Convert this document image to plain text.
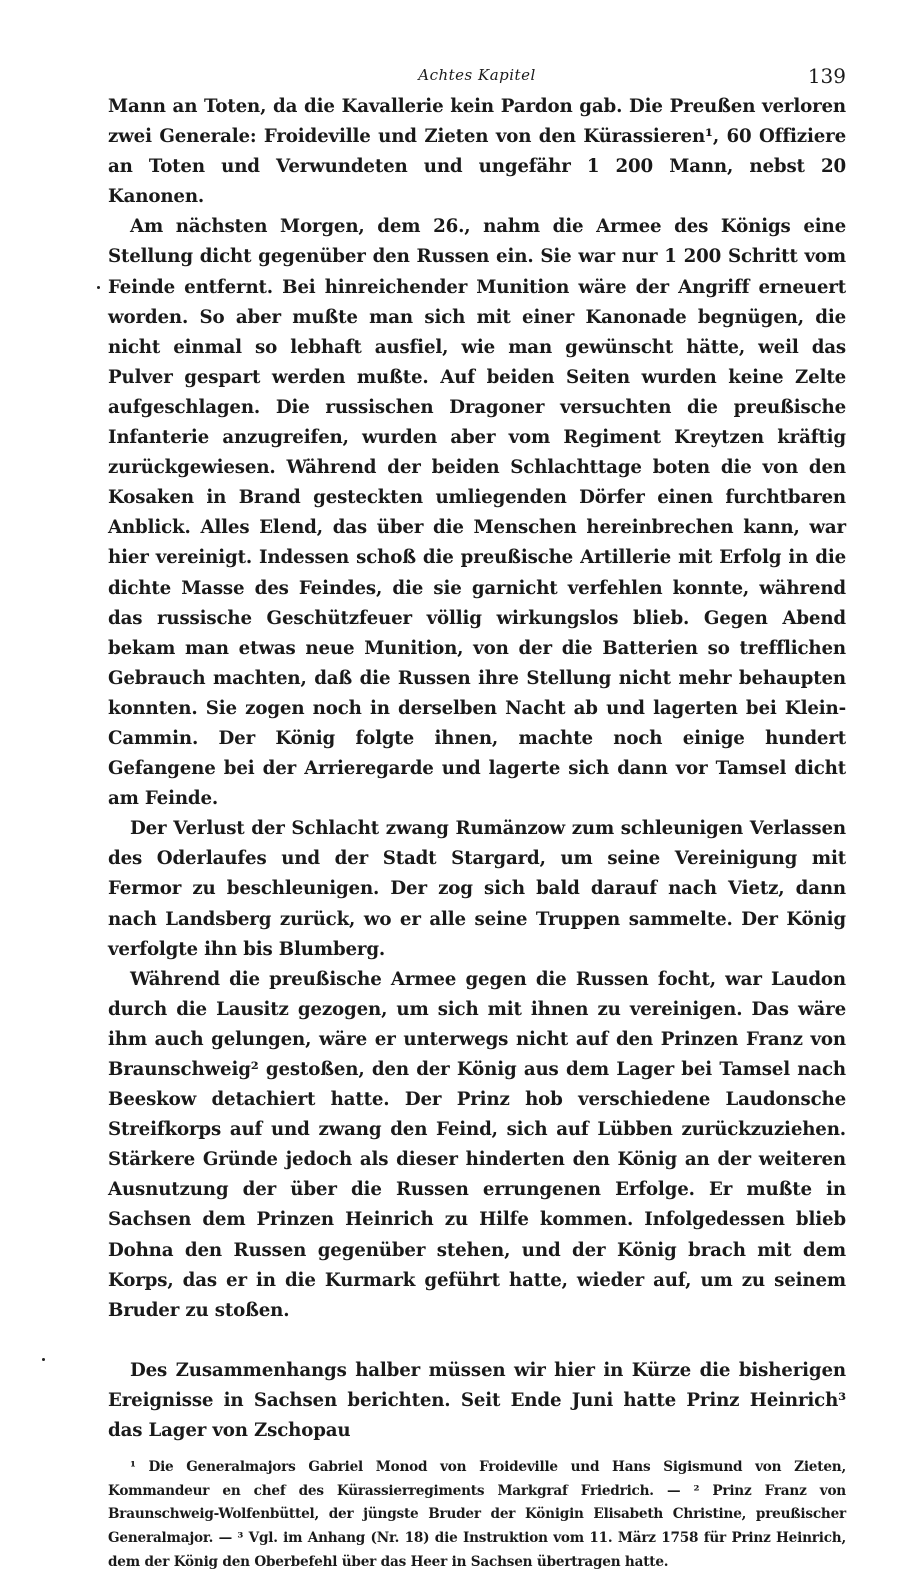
Achtes Kapitel	139

Mann an Toten, da die Kavallerie kein Pardon gab. Die Preußen verloren zwei Generale: Froideville und Zieten von den Kürassieren¹, 60 Offiziere an Toten und Verwundeten und ungefähr 1 200 Mann, nebst 20 Kanonen.

Am nächsten Morgen, dem 26., nahm die Armee des Königs eine Stellung dicht gegenüber den Russen ein. Sie war nur 1 200 Schritt vom Feinde entfernt. Bei hinreichender Munition wäre der Angriff erneuert worden. So aber mußte man sich mit einer Kanonade begnügen, die nicht einmal so lebhaft ausfiel, wie man gewünscht hätte, weil das Pulver gespart werden mußte. Auf beiden Seiten wurden keine Zelte aufgeschlagen. Die russischen Dragoner versuchten die preußische Infanterie anzugreifen, wurden aber vom Regiment Kreytzen kräftig zurückgewiesen. Während der beiden Schlachttage boten die von den Kosaken in Brand gesteckten umliegenden Dörfer einen furchtbaren Anblick. Alles Elend, das über die Menschen hereinbrechen kann, war hier vereinigt. Indessen schoß die preußische Artillerie mit Erfolg in die dichte Masse des Feindes, die sie garnicht verfehlen konnte, während das russische Geschützfeuer völlig wirkungslos blieb. Gegen Abend bekam man etwas neue Munition, von der die Batterien so trefflichen Gebrauch machten, daß die Russen ihre Stellung nicht mehr behaupten konnten. Sie zogen noch in derselben Nacht ab und lagerten bei Klein-Cammin. Der König folgte ihnen, machte noch einige hundert Gefangene bei der Arrieregarde und lagerte sich dann vor Tamsel dicht am Feinde.

Der Verlust der Schlacht zwang Rumänzow zum schleunigen Verlassen des Oderlaufes und der Stadt Stargard, um seine Vereinigung mit Fermor zu beschleunigen. Der zog sich bald darauf nach Vietz, dann nach Landsberg zurück, wo er alle seine Truppen sammelte. Der König verfolgte ihn bis Blumberg.

Während die preußische Armee gegen die Russen focht, war Laudon durch die Lausitz gezogen, um sich mit ihnen zu vereinigen. Das wäre ihm auch gelungen, wäre er unterwegs nicht auf den Prinzen Franz von Braunschweig² gestoßen, den der König aus dem Lager bei Tamsel nach Beeskow detachiert hatte. Der Prinz hob verschiedene Laudonsche Streifkorps auf und zwang den Feind, sich auf Lübben zurückzuziehen. Stärkere Gründe jedoch als dieser hinderten den König an der weiteren Ausnutzung der über die Russen errungenen Erfolge. Er mußte in Sachsen dem Prinzen Heinrich zu Hilfe kommen. Infolgedessen blieb Dohna den Russen gegenüber stehen, und der König brach mit dem Korps, das er in die Kurmark geführt hatte, wieder auf, um zu seinem Bruder zu stoßen.

Des Zusammenhangs halber müssen wir hier in Kürze die bisherigen Ereignisse in Sachsen berichten. Seit Ende Juni hatte Prinz Heinrich³ das Lager von Zschopau

¹ Die Generalmajors Gabriel Monod von Froideville und Hans Sigismund von Zieten, Kommandeur en chef des Kürassierregiments Markgraf Friedrich. — ² Prinz Franz von Braunschweig-Wolfenbüttel, der jüngste Bruder der Königin Elisabeth Christine, preußischer Generalmajor. — ³ Vgl. im Anhang (Nr. 18) die Instruktion vom 11. März 1758 für Prinz Heinrich, dem der König den Oberbefehl über das Heer in Sachsen übertragen hatte.
